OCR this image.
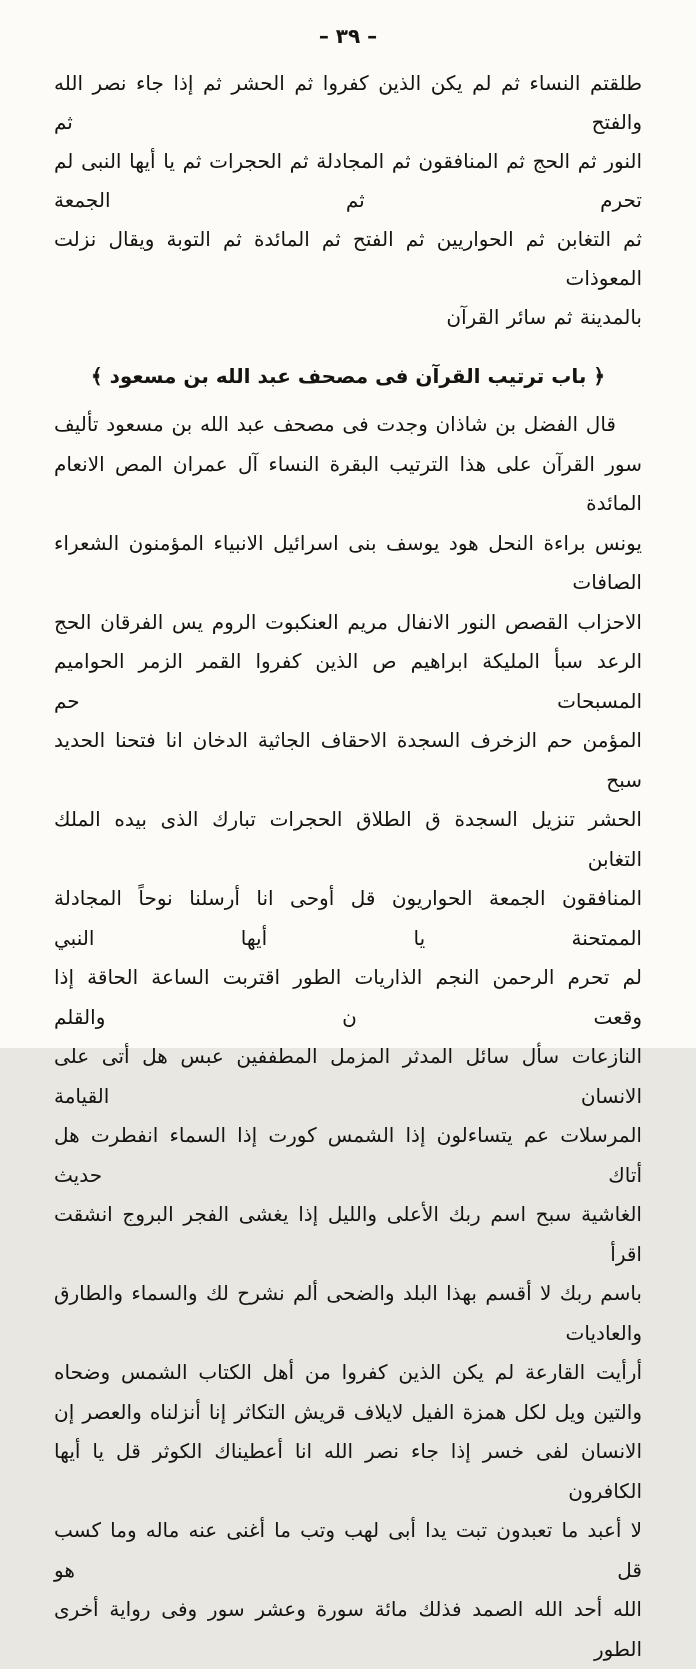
– ٣٩ –
طلقتم النساء ثم لم يكن الذين كفروا ثم الحشر ثم إذا جاء نصر الله والفتح ثم
النور ثم الحج ثم المنافقون ثم المجادلة ثم الحجرات ثم يا أيها النبى لم تحرم ثم الجمعة
ثم التغابن ثم الحواريين ثم الفتح ثم المائدة ثم التوبة ويقال نزلت المعوذات
بالمدينة ثم سائر القرآن
﴿ باب ترتيب القرآن فى مصحف عبد الله بن مسعود ﴾
قال الفضل بن شاذان وجدت فى مصحف عبد الله بن مسعود تأليف
سور القرآن على هذا الترتيب البقرة النساء آل عمران المص الانعام المائدة
يونس براءة النحل هود يوسف بنى اسرائيل الانبياء المؤمنون الشعراء الصافات
الاحزاب القصص النور الانفال مريم العنكبوت الروم يس الفرقان الحج
الرعد سبأ المليكة ابراهيم ص الذين كفروا القمر الزمر الحواميم المسبحات حم
المؤمن حم الزخرف السجدة الاحقاف الجاثية الدخان انا فتحنا الحديد سبح
الحشر تنزيل السجدة ق الطلاق الحجرات تبارك الذى بيده الملك التغابن
المنافقون الجمعة الحواريون قل أوحى انا أرسلنا نوحاً المجادلة الممتحنة يا أيها النبي
لم تحرم الرحمن النجم الذاريات الطور اقتربت الساعة الحاقة إذا وقعت ن والقلم
النازعات سأل سائل المدثر المزمل المطففين عبس هل أتى على الانسان القيامة
المرسلات عم يتساءلون إذا الشمس كورت إذا السماء انفطرت هل أتاك حديث
الغاشية سبح اسم ربك الأعلى والليل إذا يغشى الفجر البروج انشقت اقرأ
باسم ربك لا أقسم بهذا البلد والضحى ألم نشرح لك والسماء والطارق والعاديات
أرأيت القارعة لم يكن الذين كفروا من أهل الكتاب الشمس وضحاه
والتين ويل لكل همزة الفيل لايلاف قريش التكاثر إنا أنزلناه والعصر إن
الانسان لفى خسر إذا جاء نصر الله انا أعطيناك الكوثر قل يا أيها الكافرون
لا أعبد ما تعبدون تبت يدا أبى لهب وتب ما أغنى عنه ماله وما كسب قل هو
الله أحد الله الصمد فذلك مائة سورة وعشر سور وفى رواية أخرى الطور
